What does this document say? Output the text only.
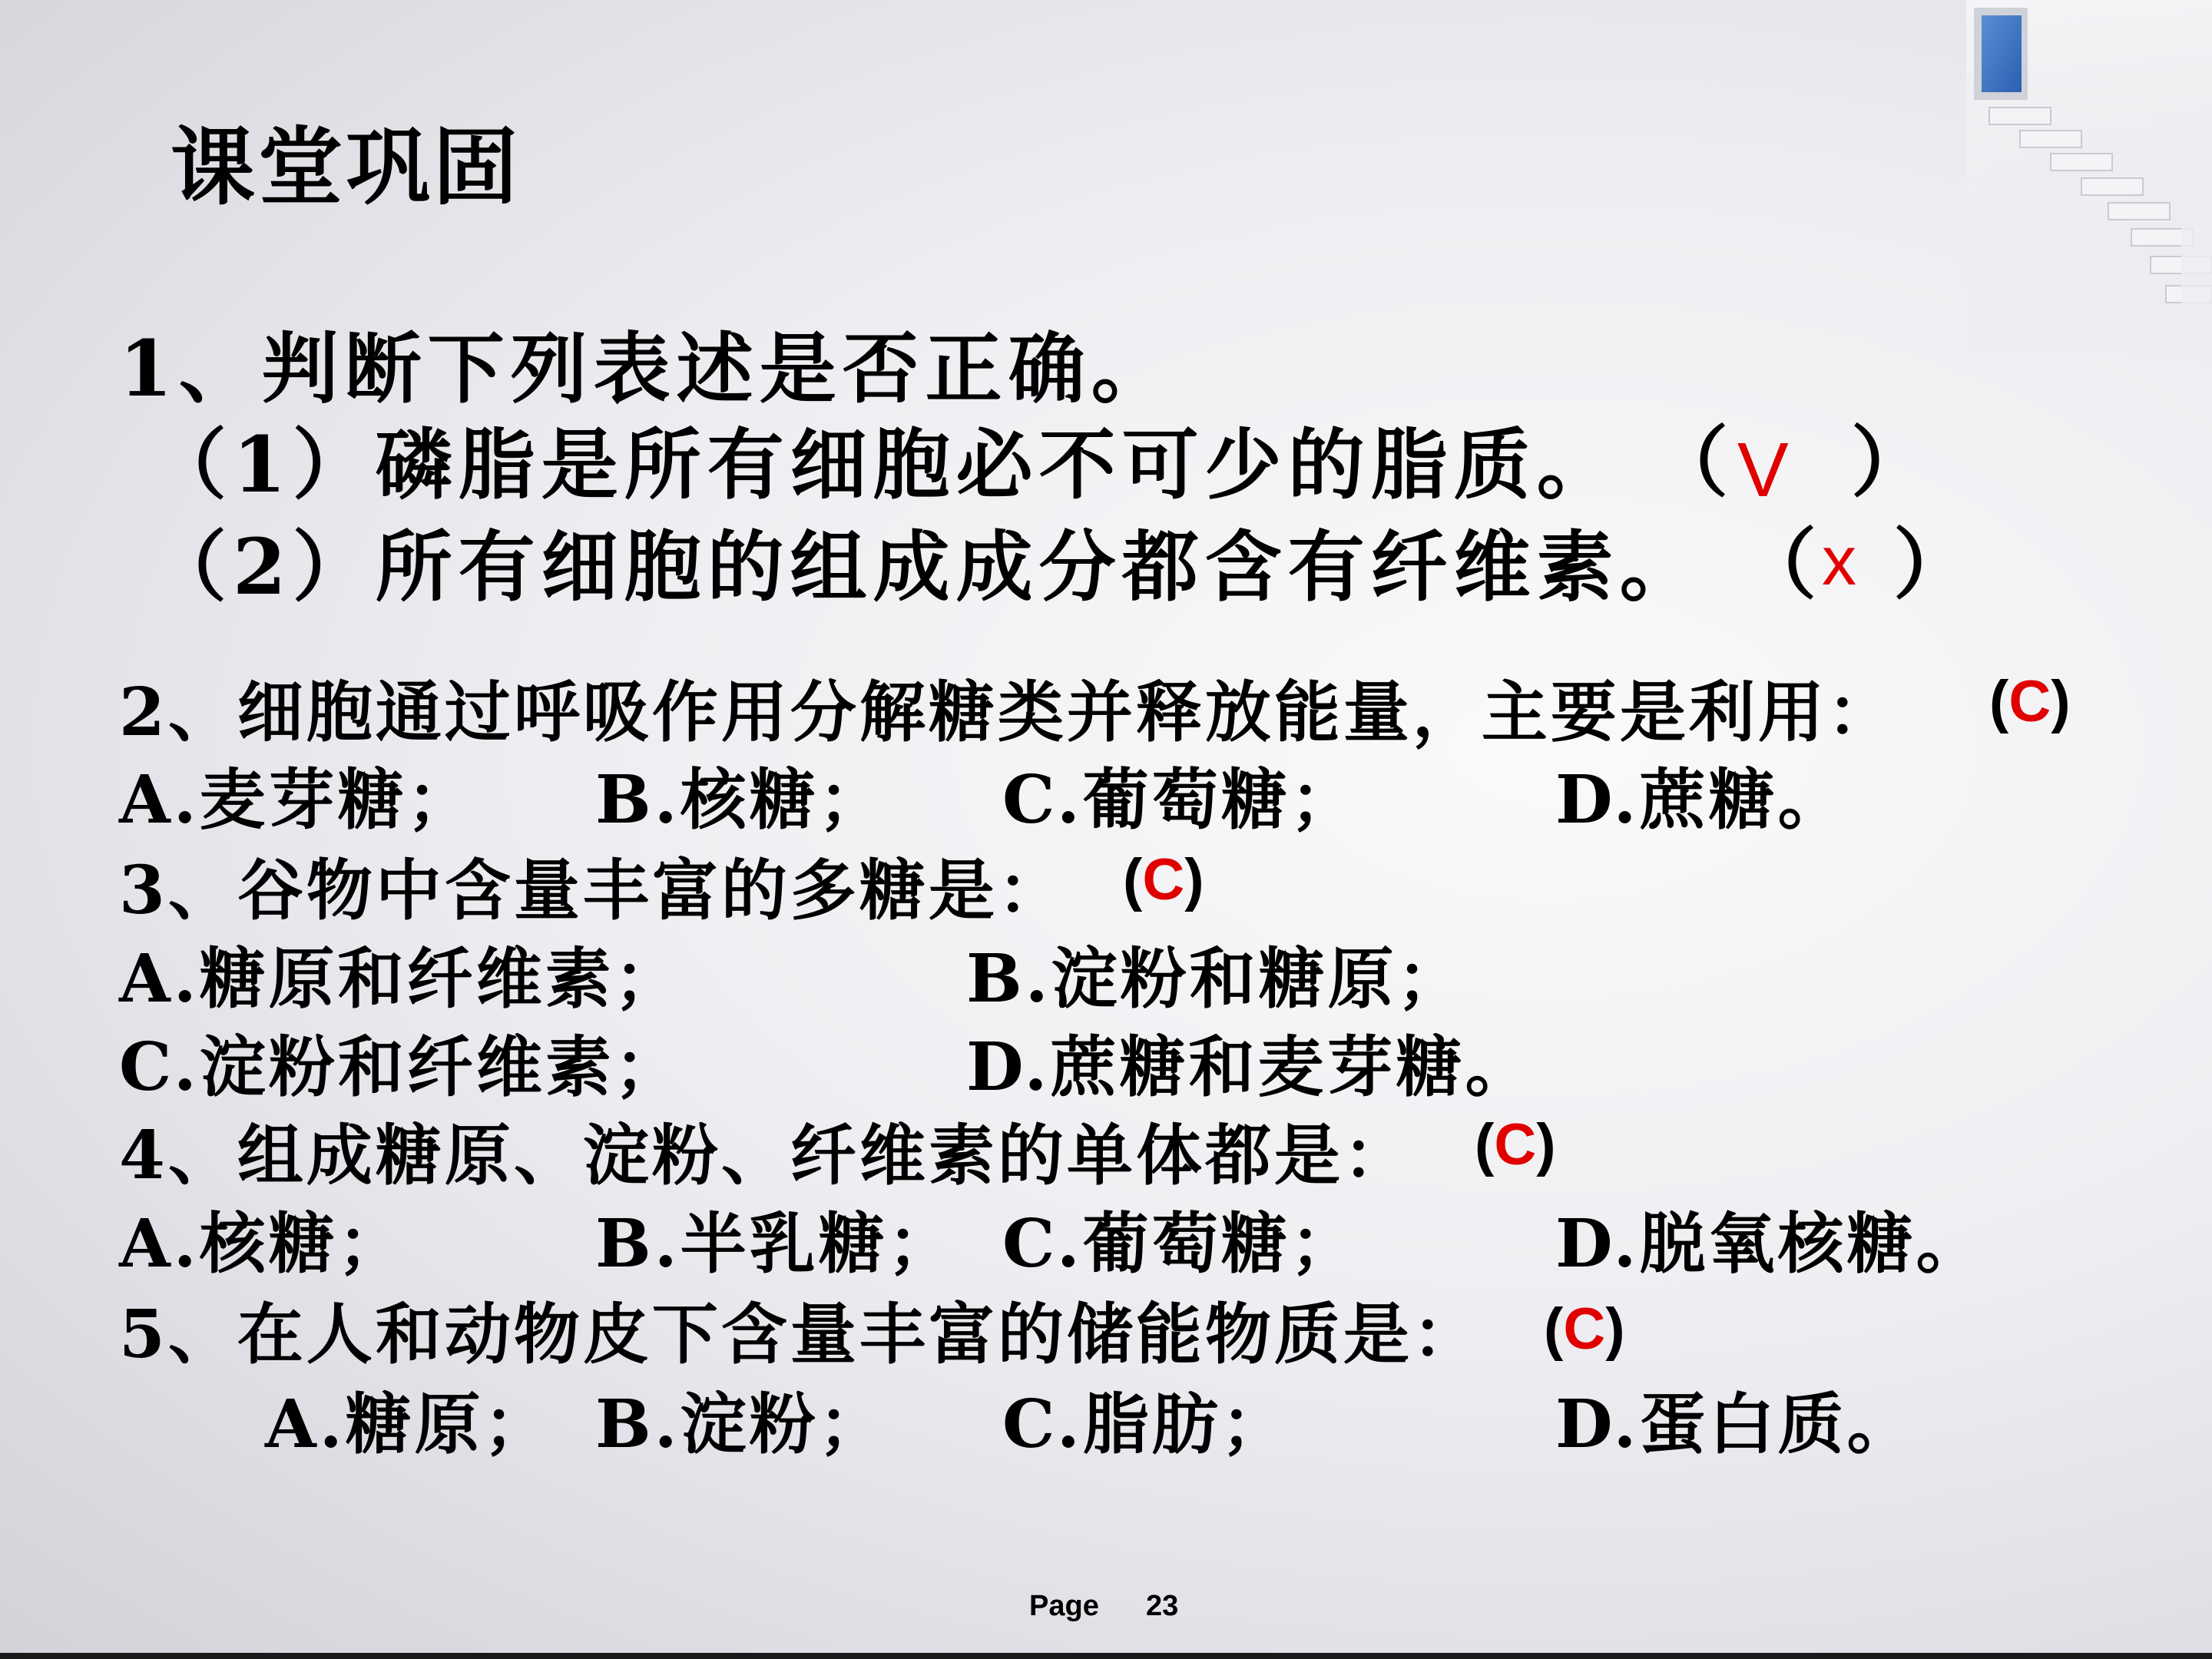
课堂巩固
1、判断下列表述是否正确。
（1）磷脂是所有细胞必不可少的脂质。 （ V ）
（2）所有细胞的组成成分都含有纤维素。 （ x ）
2、细胞通过呼吸作用分解糖类并释放能量，主要是利用： (C)
A.麦芽糖； B.核糖； C.葡萄糖；	D.蔗糖。
3、谷物中含量丰富的多糖是： (C)
A.糖原和纤维素；	B.淀粉和糖原；
C.淀粉和纤维素；	D.蔗糖和麦芽糖。
4、组成糖原、淀粉、纤维素的单体都是： (C)
A.核糖；	B.半乳糖； C.葡萄糖；	D.脱氧核糖。
5、在人和动物皮下含量丰富的储能物质是： (C)
A.糖原； B.淀粉； C.脂肪；	D.蛋白质。
Page 23
